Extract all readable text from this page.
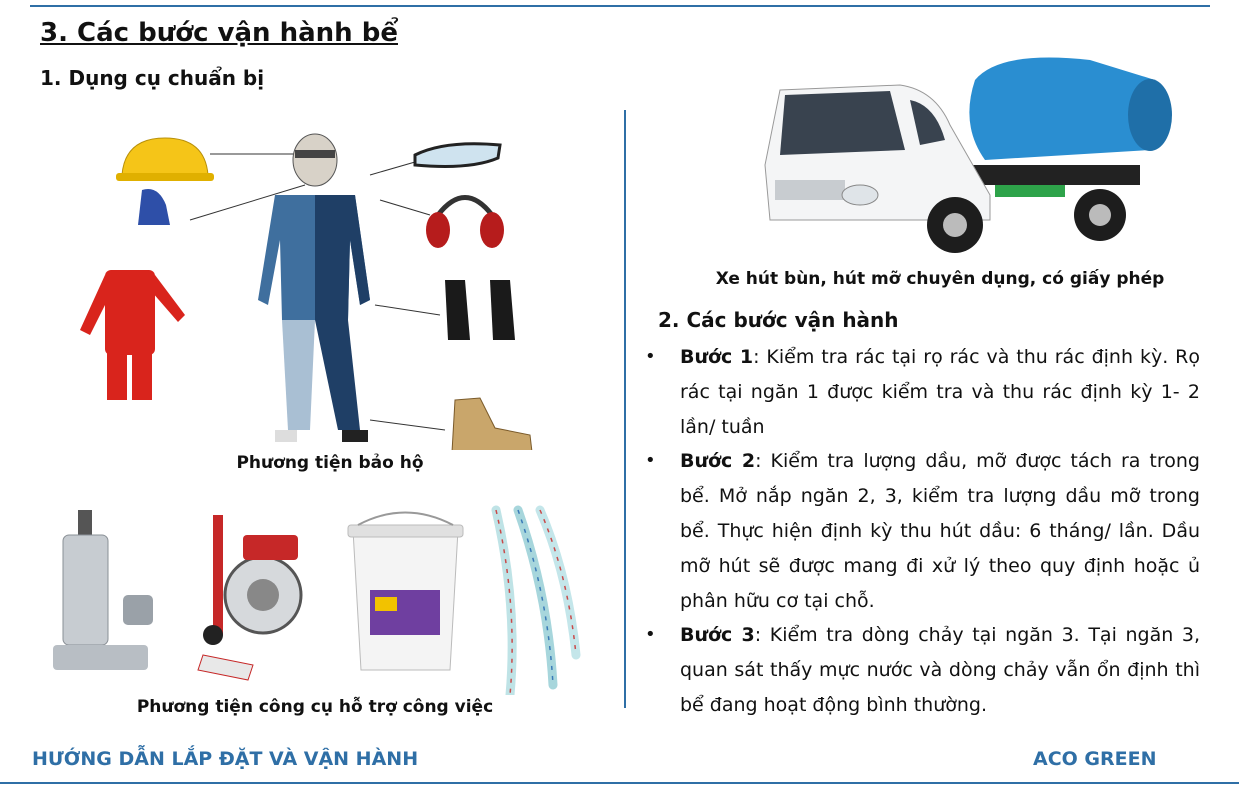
3. Các bước vận hành bể
1. Dụng cụ chuẩn bị
Phương tiện bảo hộ
Phương tiện công cụ hỗ trợ công việc
Xe hút bùn, hút mỡ chuyên dụng, có giấy phép
2. Các bước vận hành
• Bước 1: Kiểm tra rác tại rọ rác và thu rác định kỳ. Rọ rác tại ngăn 1 được kiểm tra và thu rác định kỳ 1- 2 lần/ tuần
• Bước 2: Kiểm tra lượng dầu, mỡ được tách ra trong bể. Mở nắp ngăn 2, 3, kiểm tra lượng dầu mỡ trong bể. Thực hiện định kỳ thu hút dầu: 6 tháng/ lần. Dầu mỡ hút sẽ được mang đi xử lý theo quy định hoặc ủ phân hữu cơ tại chỗ.
• Bước 3: Kiểm tra dòng chảy tại ngăn 3. Tại ngăn 3, quan sát thấy mực nước và dòng chảy vẫn ổn định thì bể đang hoạt động bình thường.
HƯỚNG DẪN LẮP ĐẶT VÀ VẬN HÀNH	ACO GREEN
